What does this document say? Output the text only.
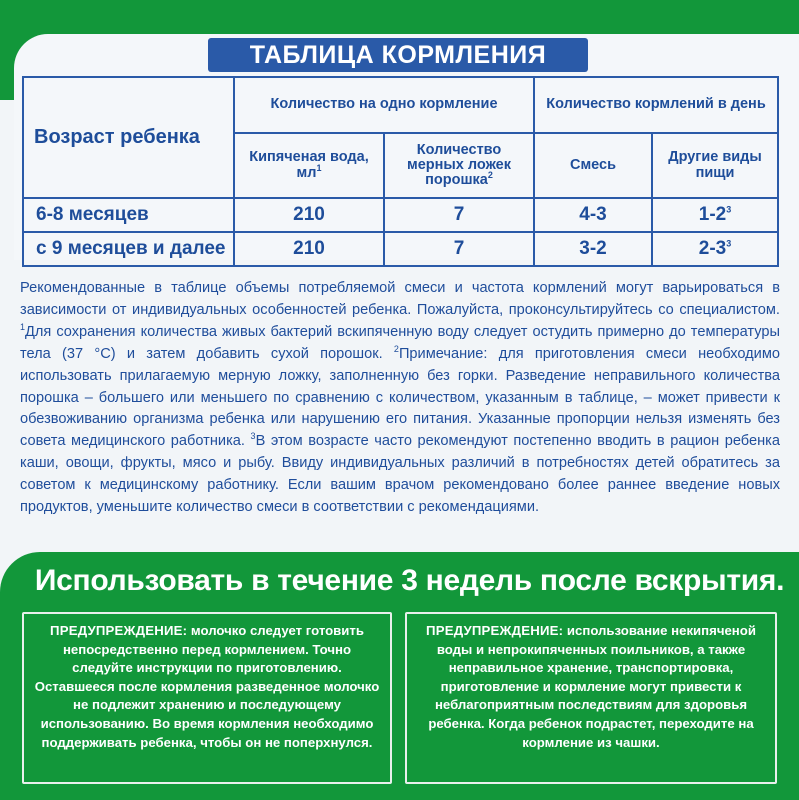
ТАБЛИЦА КОРМЛЕНИЯ
Возраст ребенка	Количество на одно кормление		Количество кормлений в день	
	Кипяченая вода, $мл^1$	Количество мерных ложек порошка$^2$	Смесь	Другие виды пищи
6-8 месяцев	210	7	4-3	$1-2^3$
с 9 месяцев и далее	210	7	3-2	$2-3^3$
Рекомендованные в таблице объемы потребляемой смеси и частота кормлений могут варьироваться в зависимости от индивидуальных особенностей ребенка. Пожалуйста, проконсультируйтесь со специалистом. $^1$Для сохранения количества живых бактерий вскипяченную воду следует остудить примерно до температуры тела (37 °С) и затем добавить сухой порошок. $^2$Примечание: для приготовления смеси необходимо использовать прилагаемую мерную ложку, заполненную без горки. Разведение неправильного количества порошка – большего или меньшего по сравнению с количеством, указанным в таблице, – может привести к обезвоживанию организма ребенка или нарушению его питания. Указанные пропорции нельзя изменять без совета медицинского работника. $^3$В этом возрасте часто рекомендуют постепенно вводить в рацион ребенка каши, овощи, фрукты, мясо и рыбу. Ввиду индивидуальных различий в потребностях детей обратитесь за советом к медицинскому работнику. Если вашим врачом рекомендовано более раннее введение новых продуктов, уменьшите количество смеси в соответствии с рекомендациями.
Использовать в течение 3 недель после вскрытия.
ПРЕДУПРЕЖДЕНИЕ: молочко следует готовить непосредственно перед кормлением. Точно следуйте инструкции по приготовлению. Оставшееся после кормления разведенное молочко не подлежит хранению и последующему использованию. Во время кормления необходимо поддерживать ребенка, чтобы он не поперхнулся.
ПРЕДУПРЕЖДЕНИЕ: использование некипяченой воды и непрокипяченных поильников, а также неправильное хранение, транспортировка, приготовление и кормление могут привести к неблагоприятным последствиям для здоровья ребенка. Когда ребенок подрастет, переходите на кормление из чашки.
